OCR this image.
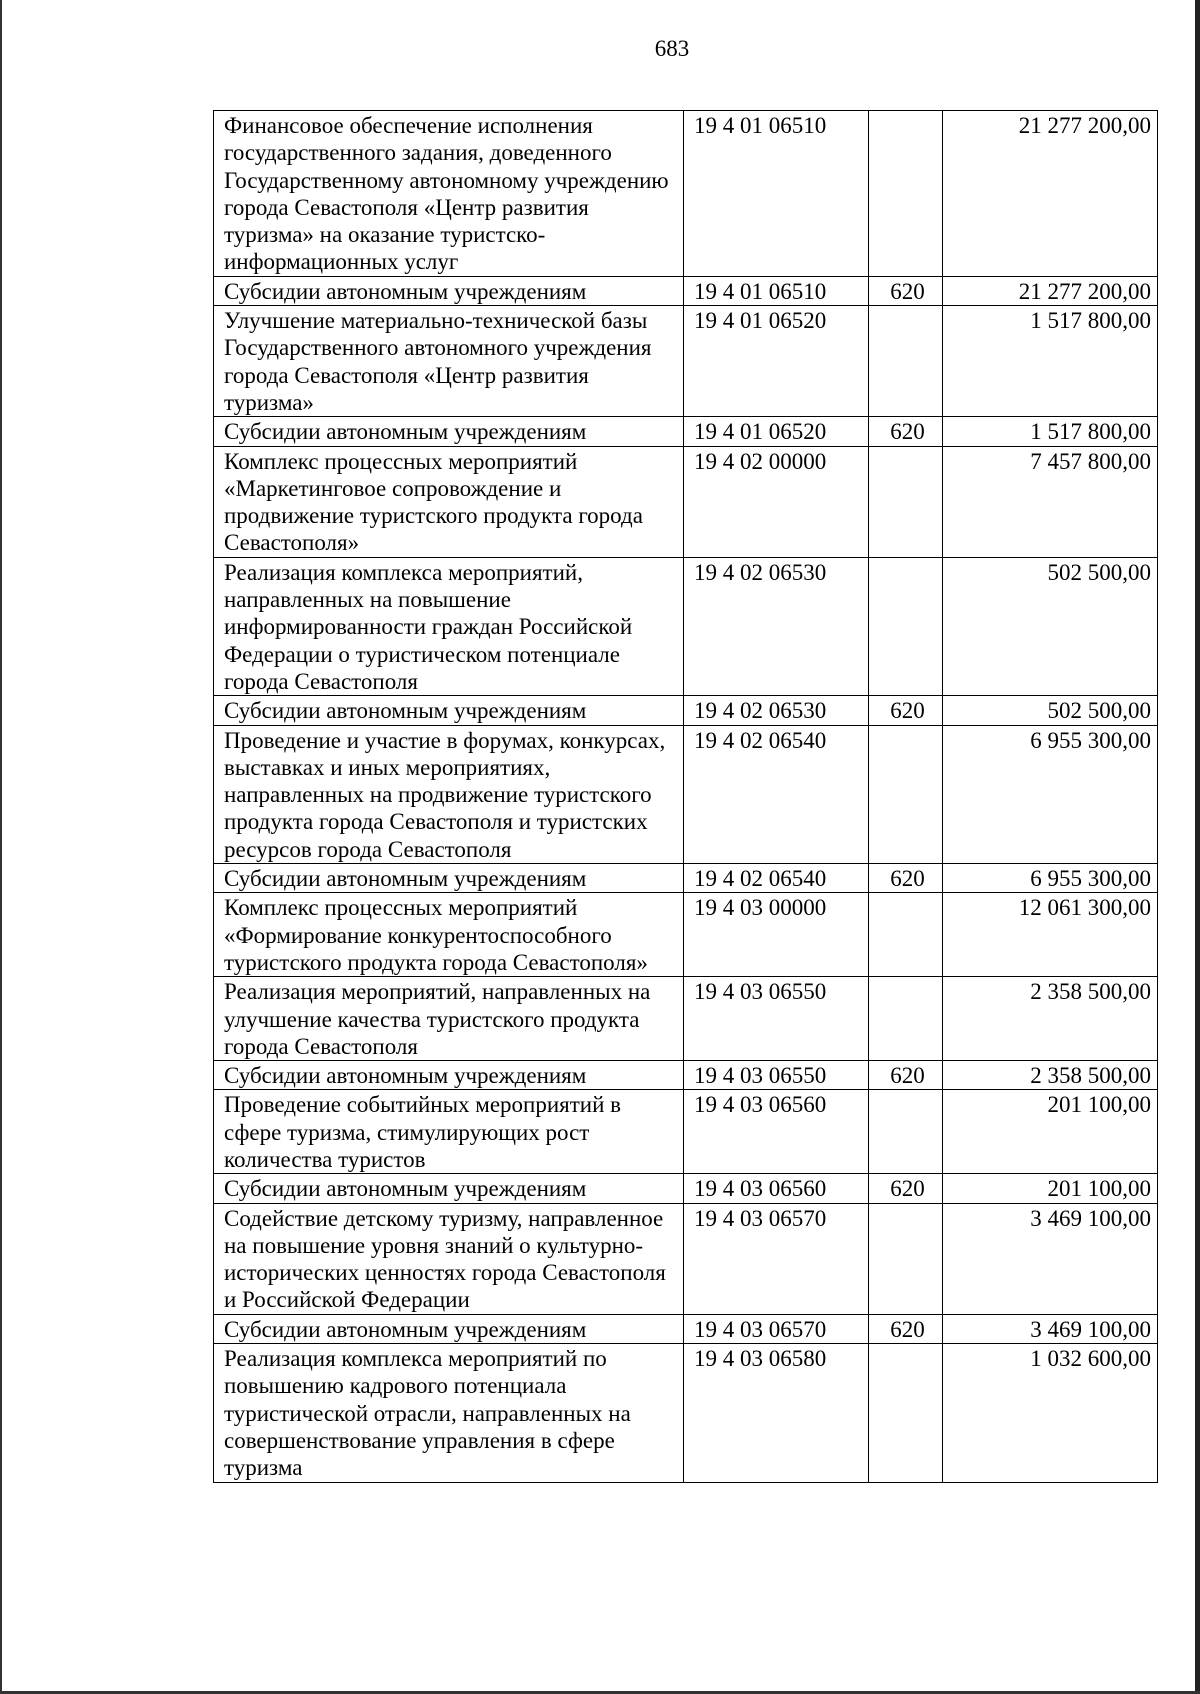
683
Финансовое обеспечение исполнения государственного задания, доведенного Государственному автономному учреждению города Севастополя «Центр развития туризма» на оказание туристско-информационных услуг	19 4 01 06510		21 277 200,00
Субсидии автономным учреждениям	19 4 01 06510	620	21 277 200,00
Улучшение материально-технической базы Государственного автономного учреждения города Севастополя «Центр развития туризма»	19 4 01 06520		1 517 800,00
Субсидии автономным учреждениям	19 4 01 06520	620	1 517 800,00
Комплекс процессных мероприятий «Маркетинговое сопровождение и продвижение туристского продукта города Севастополя»	19 4 02 00000		7 457 800,00
Реализация комплекса мероприятий, направленных на повышение информированности граждан Российской Федерации о туристическом потенциале города Севастополя	19 4 02 06530		502 500,00
Субсидии автономным учреждениям	19 4 02 06530	620	502 500,00
Проведение и участие в форумах, конкурсах, выставках и иных мероприятиях, направленных на продвижение туристского продукта города Севастополя и туристских ресурсов города Севастополя	19 4 02 06540		6 955 300,00
Субсидии автономным учреждениям	19 4 02 06540	620	6 955 300,00
Комплекс процессных мероприятий «Формирование конкурентоспособного туристского продукта города Севастополя»	19 4 03 00000		12 061 300,00
Реализация мероприятий, направленных на улучшение качества туристского продукта города Севастополя	19 4 03 06550		2 358 500,00
Субсидии автономным учреждениям	19 4 03 06550	620	2 358 500,00
Проведение событийных мероприятий в сфере туризма, стимулирующих рост количества туристов	19 4 03 06560		201 100,00
Субсидии автономным учреждениям	19 4 03 06560	620	201 100,00
Содействие детскому туризму, направленное на повышение уровня знаний о культурно-исторических ценностях города Севастополя и Российской Федерации	19 4 03 06570		3 469 100,00
Субсидии автономным учреждениям	19 4 03 06570	620	3 469 100,00
Реализация комплекса мероприятий по повышению кадрового потенциала туристической отрасли, направленных на совершенствование управления в сфере туризма	19 4 03 06580		1 032 600,00
